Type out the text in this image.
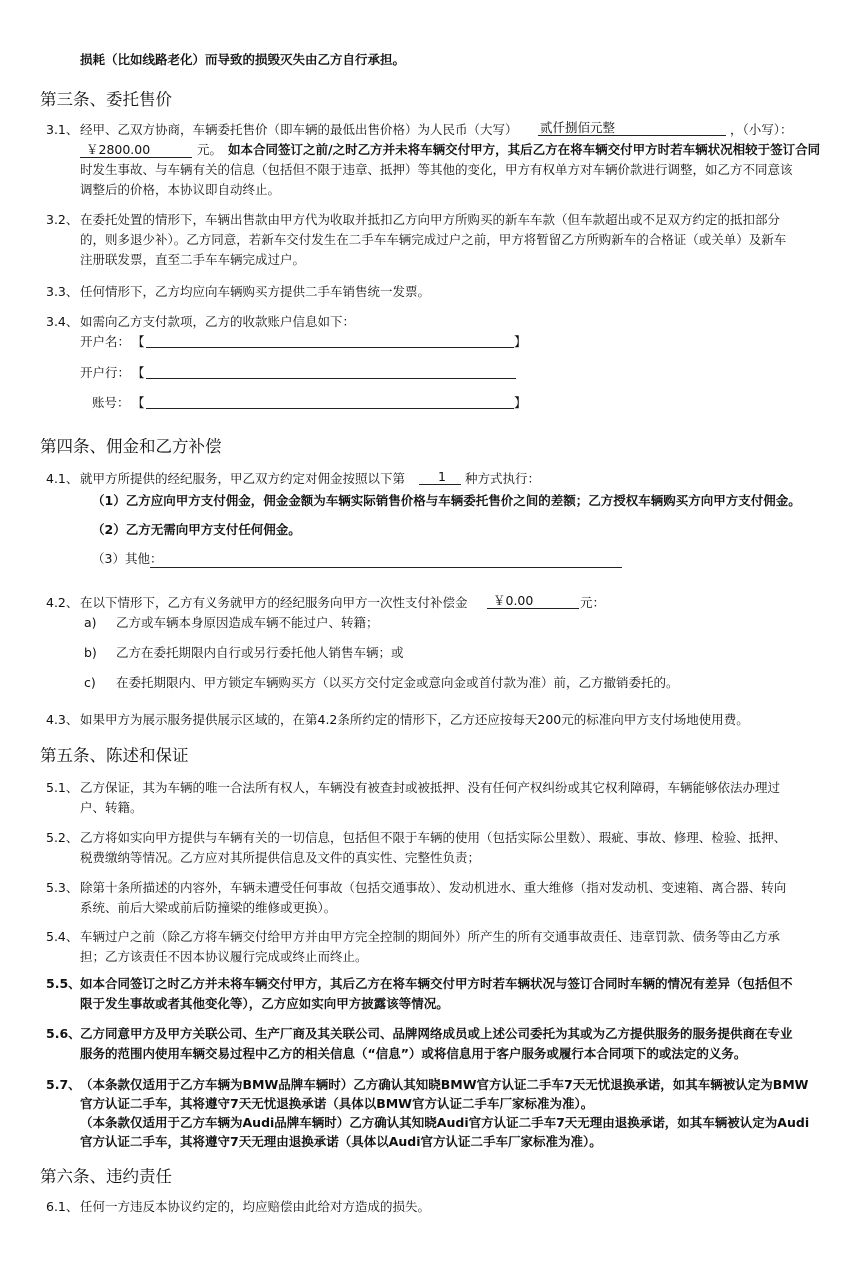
损耗（比如线路老化）而导致的损毁灭失由乙方自行承担。
第三条、委托售价
3.1、 经甲、乙双方协商，车辆委托售价（即车辆的最低出售价格）为人民币（大写） 贰仟捌佰元整	，（小写）：
￥2800.00	元。 如本合同签订之前/之时乙方并未将车辆交付甲方，其后乙方在将车辆交付甲方时若车辆状况相较于签订合同
时发生事故、与车辆有关的信息（包括但不限于违章、抵押）等其他的变化，甲方有权单方对车辆价款进行调整，如乙方不同意该
调整后的价格，本协议即自动终止。
3.2、 在委托处置的情形下，车辆出售款由甲方代为收取并抵扣乙方向甲方所购买的新车车款（但车款超出或不足双方约定的抵扣部分
的，则多退少补）。乙方同意，若新车交付发生在二手车车辆完成过户之前，甲方将暂留乙方所购新车的合格证（或关单）及新车
注册联发票，直至二手车车辆完成过户。
3.3、 任何情形下，乙方均应向车辆购买方提供二手车销售统一发票。
3.4、 如需向乙方支付款项，乙方的收款账户信息如下：
开户名： 【	】
开户行： 【
账号： 【	】
第四条、佣金和乙方补偿
4.1、 就甲方所提供的经纪服务，甲乙双方约定对佣金按照以下第	1 种方式执行：
（1）乙方应向甲方支付佣金，佣金金额为车辆实际销售价格与车辆委托售价之间的差额；乙方授权车辆购买方向甲方支付佣金。
（2）乙方无需向甲方支付任何佣金。
（3）其他：
4.2、 在以下情形下，乙方有义务就甲方的经纪服务向甲方一次性支付补偿金 ￥0.00	元：
a) 乙方或车辆本身原因造成车辆不能过户、转籍；
b) 乙方在委托期限内自行或另行委托他人销售车辆；或
c) 在委托期限内、甲方锁定车辆购买方（以买方交付定金或意向金或首付款为准）前，乙方撤销委托的。
4.3、 如果甲方为展示服务提供展示区域的，在第4.2条所约定的情形下，乙方还应按每天200元的标准向甲方支付场地使用费。
第五条、陈述和保证
5.1、 乙方保证，其为车辆的唯一合法所有权人，车辆没有被查封或被抵押、没有任何产权纠纷或其它权利障碍，车辆能够依法办理过
户、转籍。
5.2、 乙方将如实向甲方提供与车辆有关的一切信息，包括但不限于车辆的使用（包括实际公里数）、瑕疵、事故、修理、检验、抵押、
税费缴纳等情况。乙方应对其所提供信息及文件的真实性、完整性负责；
5.3、 除第十条所描述的内容外，车辆未遭受任何事故（包括交通事故）、发动机进水、重大维修（指对发动机、变速箱、离合器、转向
系统、前后大梁或前后防撞梁的维修或更换）。
5.4、 车辆过户之前（除乙方将车辆交付给甲方并由甲方完全控制的期间外）所产生的所有交通事故责任、违章罚款、债务等由乙方承
担；乙方该责任不因本协议履行完成或终止而终止。
5.5、 如本合同签订之时乙方并未将车辆交付甲方，其后乙方在将车辆交付甲方时若车辆状况与签订合同时车辆的情况有差异（包括但不
限于发生事故或者其他变化等），乙方应如实向甲方披露该等情况。
5.6、 乙方同意甲方及甲方关联公司、生产厂商及其关联公司、品牌网络成员或上述公司委托为其或为乙方提供服务的服务提供商在专业
服务的范围内使用车辆交易过程中乙方的相关信息（“信息”）或将信息用于客户服务或履行本合同项下的或法定的义务。
5.7、 （本条款仅适用于乙方车辆为BMW品牌车辆时）乙方确认其知晓BMW官方认证二手车7天无忧退换承诺，如其车辆被认定为BMW
官方认证二手车，其将遵守7天无忧退换承诺（具体以BMW官方认证二手车厂家标准为准）。
（本条款仅适用于乙方车辆为Audi品牌车辆时）乙方确认其知晓Audi官方认证二手车7天无理由退换承诺，如其车辆被认定为Audi
官方认证二手车，其将遵守7天无理由退换承诺（具体以Audi官方认证二手车厂家标准为准）。
第六条、违约责任
6.1、 任何一方违反本协议约定的，均应赔偿由此给对方造成的损失。
